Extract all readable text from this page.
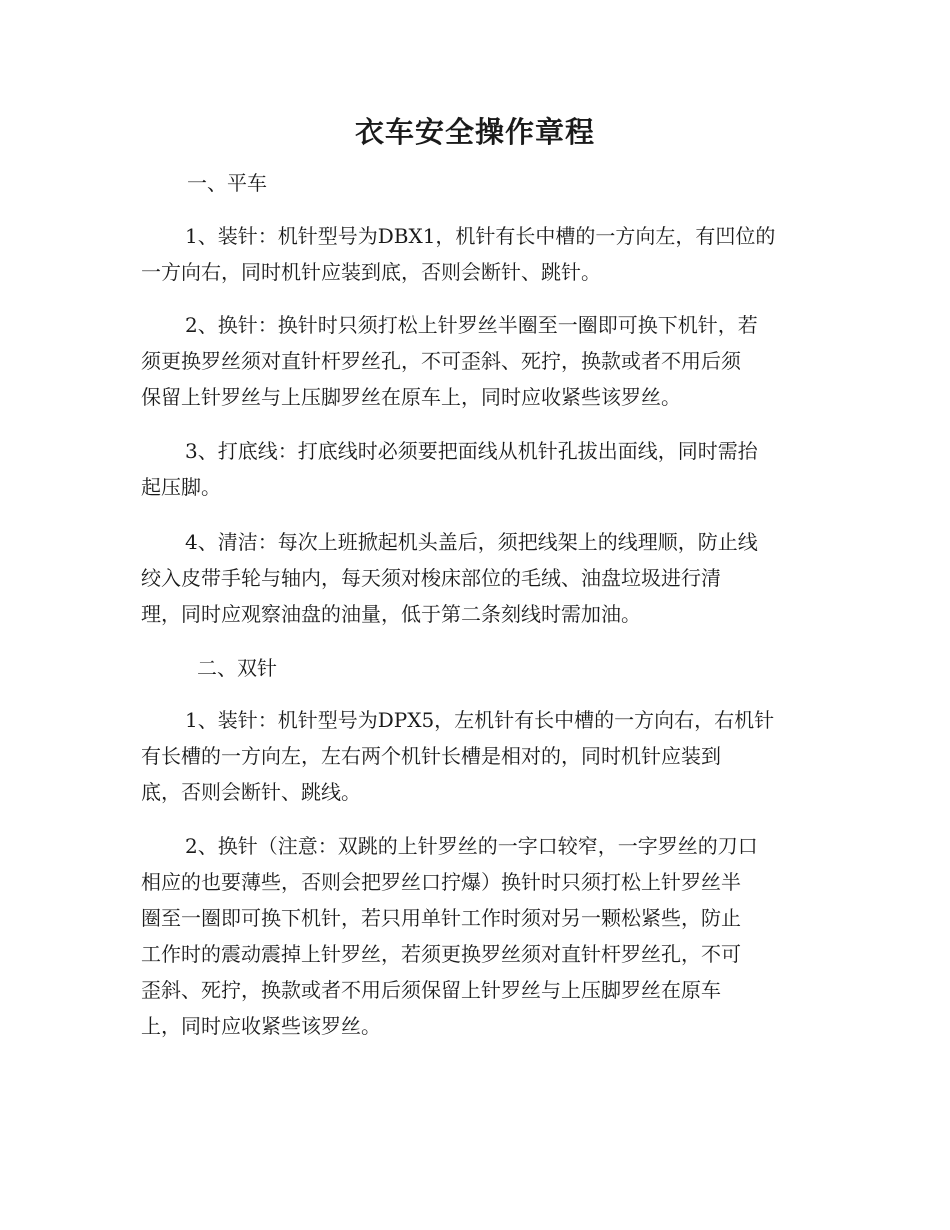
衣车安全操作章程
一、平车
1、装针：机针型号为DBX1，机针有长中槽的一方向左，有凹位的
一方向右，同时机针应装到底，否则会断针、跳针。
2、换针：换针时只须打松上针罗丝半圈至一圈即可换下机针，若
须更换罗丝须对直针杆罗丝孔，不可歪斜、死拧，换款或者不用后须
保留上针罗丝与上压脚罗丝在原车上，同时应收紧些该罗丝。
3、打底线：打底线时必须要把面线从机针孔拔出面线，同时需抬
起压脚。
4、清洁：每次上班掀起机头盖后，须把线架上的线理顺，防止线
绞入皮带手轮与轴内，每天须对梭床部位的毛绒、油盘垃圾进行清
理，同时应观察油盘的油量，低于第二条刻线时需加油。
二、双针
1、装针：机针型号为DPX5，左机针有长中槽的一方向右，右机针
有长槽的一方向左，左右两个机针长槽是相对的，同时机针应装到
底，否则会断针、跳线。
2、换针（注意：双跳的上针罗丝的一字口较窄，一字罗丝的刀口
相应的也要薄些，否则会把罗丝口拧爆）换针时只须打松上针罗丝半
圈至一圈即可换下机针，若只用单针工作时须对另一颗松紧些，防止
工作时的震动震掉上针罗丝，若须更换罗丝须对直针杆罗丝孔，不可
歪斜、死拧，换款或者不用后须保留上针罗丝与上压脚罗丝在原车
上，同时应收紧些该罗丝。
